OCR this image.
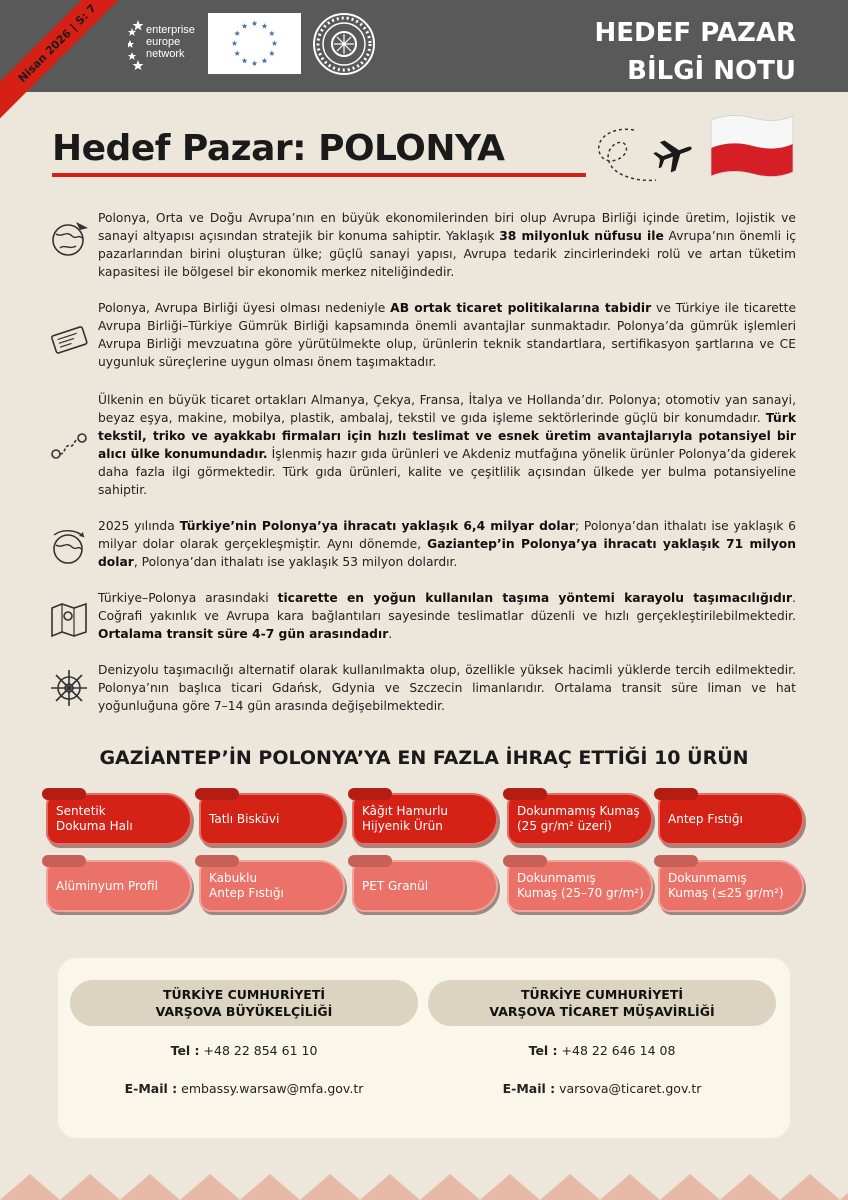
Nisan 2026 | S: 7	enterprise
europe
network
HEDEF PAZAR
BİLGİ NOTU
Hedef Pazar: POLONYA
Polonya, Orta ve Doğu Avrupa’nın en büyük ekonomilerinden biri olup Avrupa Birliği içinde üretim, lojistik ve sanayi altyapısı açısından stratejik bir konuma sahiptir. Yaklaşık 38 milyonluk nüfusu ile Avrupa’nın önemli iç pazarlarından birini oluşturan ülke; güçlü sanayi yapısı, Avrupa tedarik zincirlerindeki rolü ve artan tüketim kapasitesi ile bölgesel bir ekonomik merkez niteliğindedir.
Polonya, Avrupa Birliği üyesi olması nedeniyle AB ortak ticaret politikalarına tabidir ve Türkiye ile ticarette Avrupa Birliği–Türkiye Gümrük Birliği kapsamında önemli avantajlar sunmaktadır. Polonya’da gümrük işlemleri Avrupa Birliği mevzuatına göre yürütülmekte olup, ürünlerin teknik standartlara, sertifikasyon şartlarına ve CE uygunluk süreçlerine uygun olması önem taşımaktadır.
Ülkenin en büyük ticaret ortakları Almanya, Çekya, Fransa, İtalya ve Hollanda’dır. Polonya; otomotiv yan sanayi, beyaz eşya, makine, mobilya, plastik, ambalaj, tekstil ve gıda işleme sektörlerinde güçlü bir konumdadır. Türk tekstil, triko ve ayakkabı firmaları için hızlı teslimat ve esnek üretim avantajlarıyla potansiyel bir alıcı ülke konumundadır. İşlenmiş hazır gıda ürünleri ve Akdeniz mutfağına yönelik ürünler Polonya’da giderek daha fazla ilgi görmektedir. Türk gıda ürünleri, kalite ve çeşitlilik açısından ülkede yer bulma potansiyeline sahiptir.
2025 yılında Türkiye’nin Polonya’ya ihracatı yaklaşık 6,4 milyar dolar; Polonya’dan ithalatı ise yaklaşık 6 milyar dolar olarak gerçekleşmiştir. Aynı dönemde, Gaziantep’in Polonya’ya ihracatı yaklaşık 71 milyon dolar, Polonya’dan ithalatı ise yaklaşık 53 milyon dolardır.
Türkiye–Polonya arasındaki ticarette en yoğun kullanılan taşıma yöntemi karayolu taşımacılığıdır. Coğrafi yakınlık ve Avrupa kara bağlantıları sayesinde teslimatlar düzenli ve hızlı gerçekleştirilebilmektedir. Ortalama transit süre 4-7 gün arasındadır.
Denizyolu taşımacılığı alternatif olarak kullanılmakta olup, özellikle yüksek hacimli yüklerde tercih edilmektedir. Polonya’nın başlıca ticari Gdańsk, Gdynia ve Szczecin limanlarıdır. Ortalama transit süre liman ve hat yoğunluğuna göre 7–14 gün arasında değişebilmektedir.
GAZİANTEP’İN POLONYA’YA EN FAZLA İHRAÇ ETTİĞİ 10 ÜRÜN
Sentetik
Dokuma Halı
Tatlı Bisküvi
Kâğıt Hamurlu
Hijyenik Ürün
Dokunmamış Kumaş
(25 gr/m² üzeri)
Antep Fıstığı
Alüminyum Profil
Kabuklu
Antep Fıstığı
PET Granül
Dokunmamış
Kumaş (25–70 gr/m²)
Dokunmamış
Kumaş (≤25 gr/m²)
TÜRKİYE CUMHURİYETİ
VARŞOVA BÜYÜKELÇİLİĞİ
Tel : +48 22 854 61 10
E-Mail : embassy.warsaw@mfa.gov.tr
TÜRKİYE CUMHURİYETİ
VARŞOVA TİCARET MÜŞAVİRLİĞİ
Tel : +48 22 646 14 08
E-Mail : varsova@ticaret.gov.tr
